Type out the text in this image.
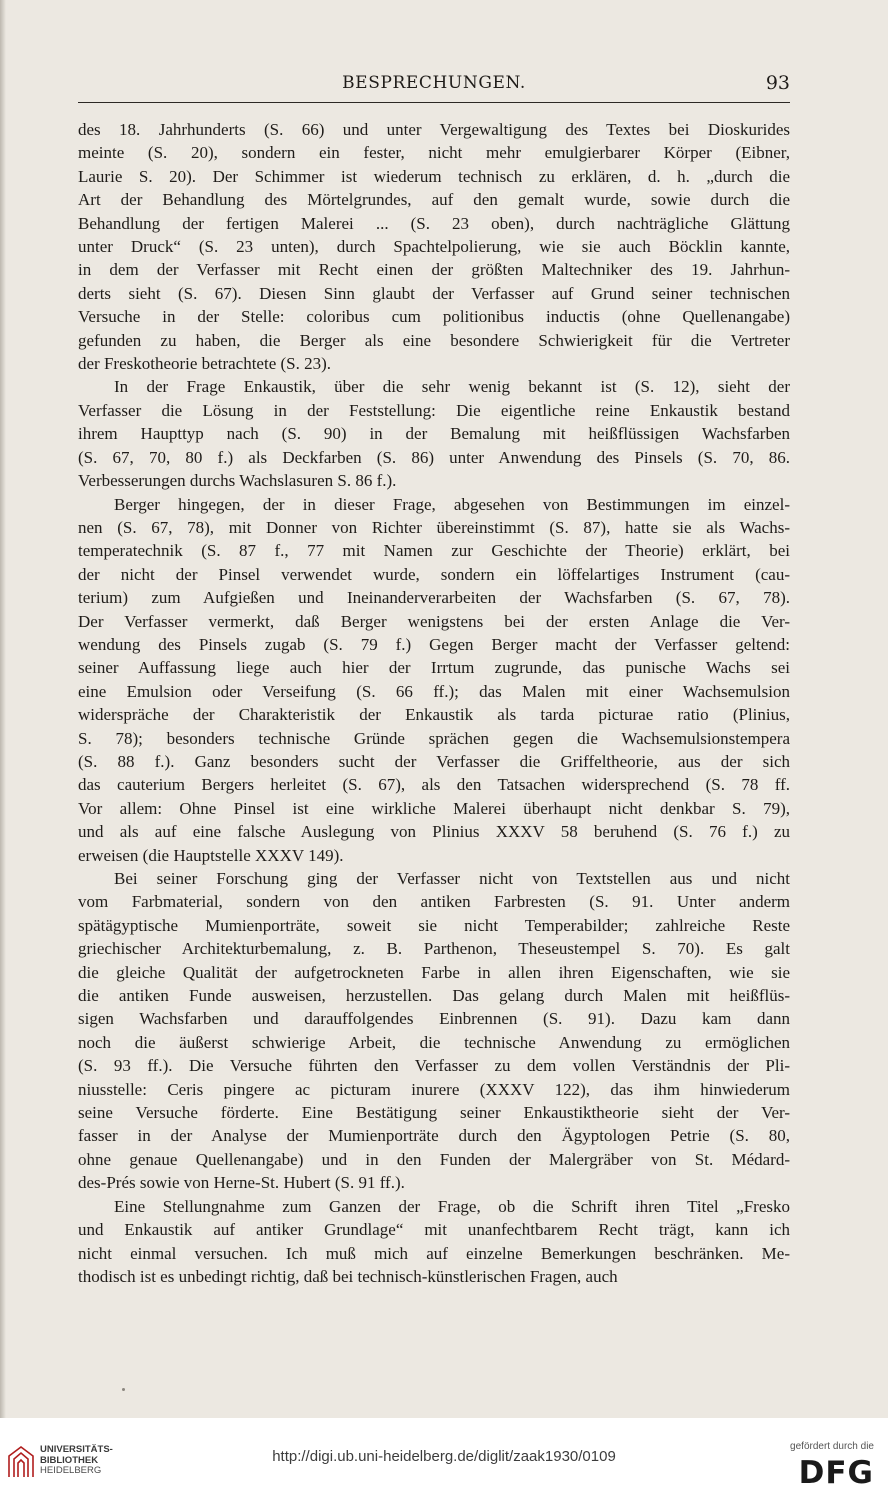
BESPRECHUNGEN.	93
des 18. Jahrhunderts (S. 66) und unter Vergewaltigung des Textes bei Dioskurides
meinte (S. 20), sondern ein fester, nicht mehr emulgierbarer Körper (Eibner,
Laurie S. 20). Der Schimmer ist wiederum technisch zu erklären, d. h. „durch die
Art der Behandlung des Mörtelgrundes, auf den gemalt wurde, sowie durch die
Behandlung der fertigen Malerei ... (S. 23 oben), durch nachträgliche Glättung
unter Druck“ (S. 23 unten), durch Spachtelpolierung, wie sie auch Böcklin kannte,
in dem der Verfasser mit Recht einen der größten Maltechniker des 19. Jahrhun-
derts sieht (S. 67). Diesen Sinn glaubt der Verfasser auf Grund seiner technischen
Versuche in der Stelle: coloribus cum politionibus inductis (ohne Quellenangabe)
gefunden zu haben, die Berger als eine besondere Schwierigkeit für die Vertreter
der Freskotheorie betrachtete (S. 23).
In der Frage Enkaustik, über die sehr wenig bekannt ist (S. 12), sieht der
Verfasser die Lösung in der Feststellung: Die eigentliche reine Enkaustik bestand
ihrem Haupttyp nach (S. 90) in der Bemalung mit heißflüssigen Wachsfarben
(S. 67, 70, 80 f.) als Deckfarben (S. 86) unter Anwendung des Pinsels (S. 70, 86.
Verbesserungen durchs Wachslasuren S. 86 f.).
Berger hingegen, der in dieser Frage, abgesehen von Bestimmungen im einzel-
nen (S. 67, 78), mit Donner von Richter übereinstimmt (S. 87), hatte sie als Wachs-
temperatechnik (S. 87 f., 77 mit Namen zur Geschichte der Theorie) erklärt, bei
der nicht der Pinsel verwendet wurde, sondern ein löffelartiges Instrument (cau-
terium) zum Aufgießen und Ineinanderverarbeiten der Wachsfarben (S. 67, 78).
Der Verfasser vermerkt, daß Berger wenigstens bei der ersten Anlage die Ver-
wendung des Pinsels zugab (S. 79 f.) Gegen Berger macht der Verfasser geltend:
seiner Auffassung liege auch hier der Irrtum zugrunde, das punische Wachs sei
eine Emulsion oder Verseifung (S. 66 ff.); das Malen mit einer Wachsemulsion
widerspräche der Charakteristik der Enkaustik als tarda picturae ratio (Plinius,
S. 78); besonders technische Gründe sprächen gegen die Wachsemulsionstempera
(S. 88 f.). Ganz besonders sucht der Verfasser die Griffeltheorie, aus der sich
das cauterium Bergers herleitet (S. 67), als den Tatsachen widersprechend (S. 78 ff.
Vor allem: Ohne Pinsel ist eine wirkliche Malerei überhaupt nicht denkbar S. 79),
und als auf eine falsche Auslegung von Plinius XXXV 58 beruhend (S. 76 f.) zu
erweisen (die Hauptstelle XXXV 149).
Bei seiner Forschung ging der Verfasser nicht von Textstellen aus und nicht
vom Farbmaterial, sondern von den antiken Farbresten (S. 91. Unter anderm
spätägyptische Mumienporträte, soweit sie nicht Temperabilder; zahlreiche Reste
griechischer Architekturbemalung, z. B. Parthenon, Theseustempel S. 70). Es galt
die gleiche Qualität der aufgetrockneten Farbe in allen ihren Eigenschaften, wie sie
die antiken Funde ausweisen, herzustellen. Das gelang durch Malen mit heißflüs-
sigen Wachsfarben und darauffolgendes Einbrennen (S. 91). Dazu kam dann
noch die äußerst schwierige Arbeit, die technische Anwendung zu ermöglichen
(S. 93 ff.). Die Versuche führten den Verfasser zu dem vollen Verständnis der Pli-
niusstelle: Ceris pingere ac picturam inurere (XXXV 122), das ihm hinwiederum
seine Versuche förderte. Eine Bestätigung seiner Enkaustiktheorie sieht der Ver-
fasser in der Analyse der Mumienporträte durch den Ägyptologen Petrie (S. 80,
ohne genaue Quellenangabe) und in den Funden der Malergräber von St. Médard-
des-Prés sowie von Herne-St. Hubert (S. 91 ff.).
Eine Stellungnahme zum Ganzen der Frage, ob die Schrift ihren Titel „Fresko
und Enkaustik auf antiker Grundlage“ mit unanfechtbarem Recht trägt, kann ich
nicht einmal versuchen. Ich muß mich auf einzelne Bemerkungen beschränken. Me-
thodisch ist es unbedingt richtig, daß bei technisch-künstlerischen Fragen, auch
UNIVERSITÄTS-
BIBLIOTHEK
HEIDELBERG
http://digi.ub.uni-heidelberg.de/diglit/zaak1930/0109
gefördert durch die
DFG
